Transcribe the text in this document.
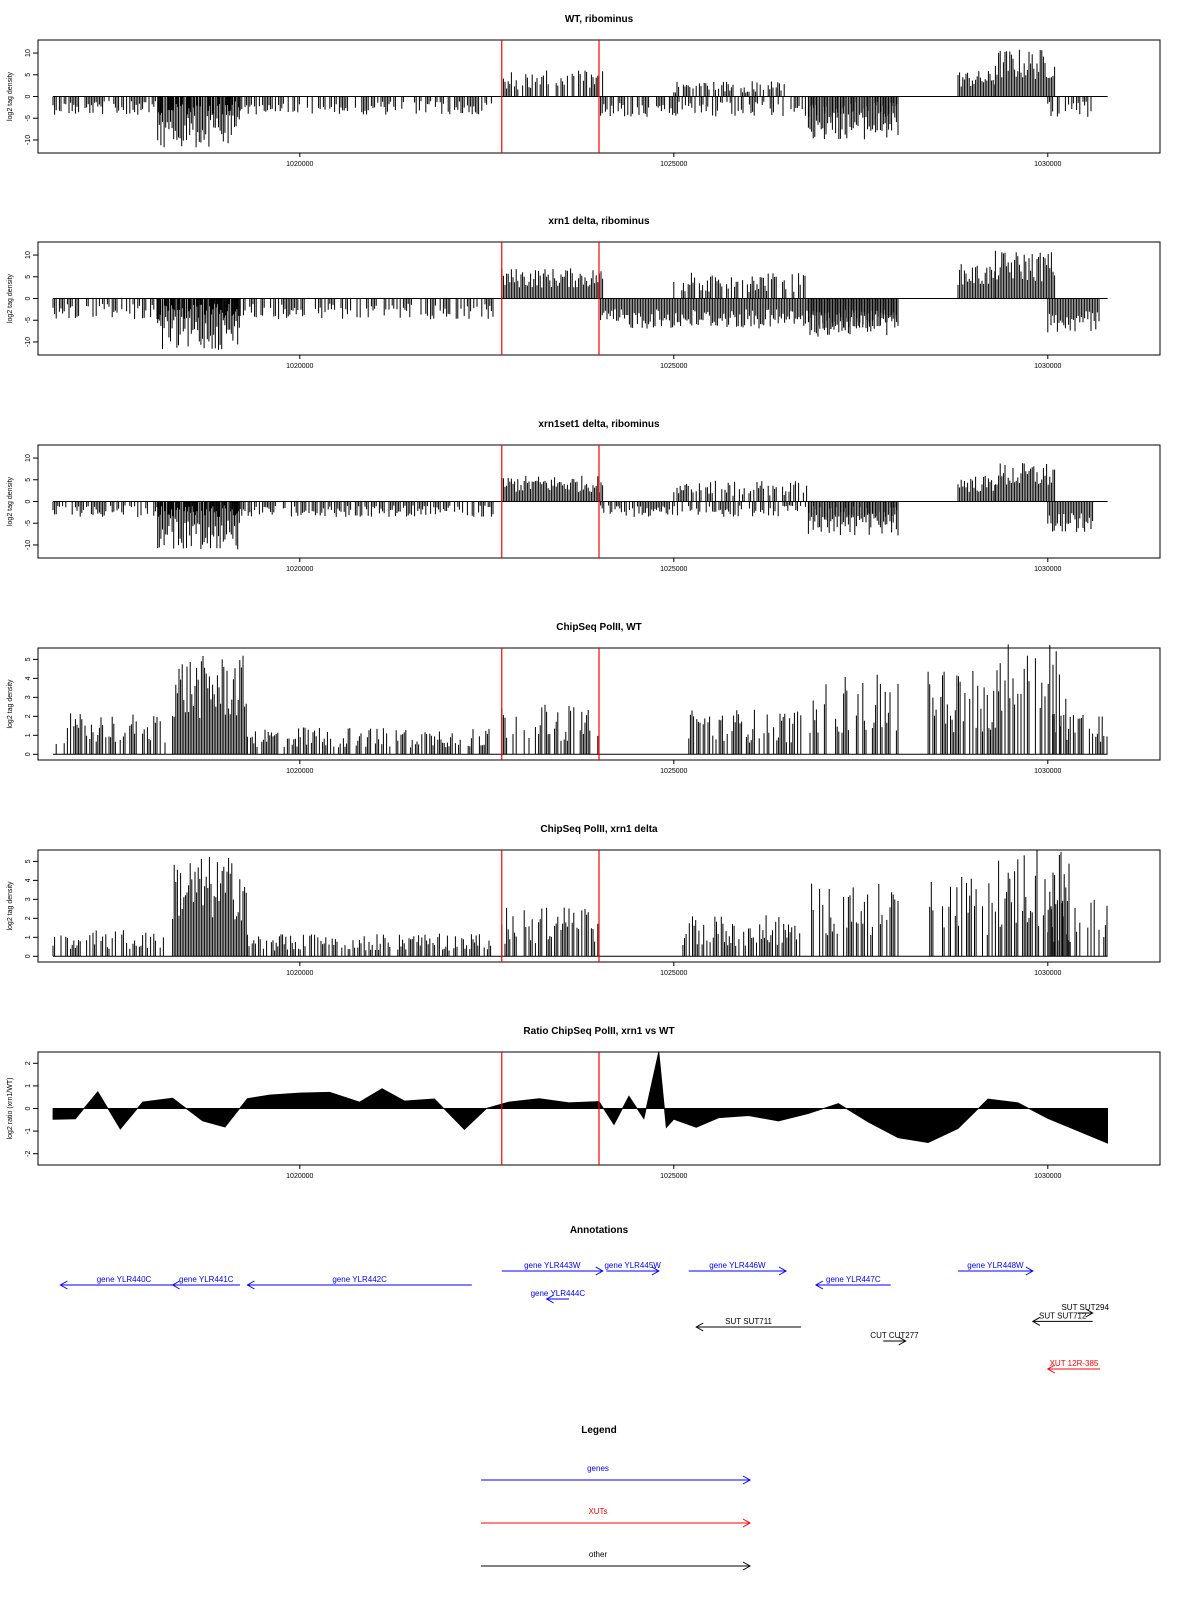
WT, ribominus
-10
-5
0
5
10
log2 tag density
1020000	1025000	1030000
xrn1 delta, ribominus
-10
-5
0
5
10
log2 tag density
1020000	1025000	1030000
xrn1set1 delta, ribominus
-10
-5
0
5
10
log2 tag density
1020000	1025000	1030000
ChipSeq PolII, WT
0
1
2
3
4
5
log2 tag density
1020000	1025000	1030000
ChipSeq PolII, xrn1 delta
0
1
2
3
4
5
log2 tag density
1020000	1025000	1030000
Ratio ChipSeq PolII, xrn1 vs WT
-2
-1
0
1
2
log2 ratio (xrn1/WT)
1020000	1025000	1030000
Annotations
gene YLR440C	gene YLR441C	gene YLR442C
gene YLR443W
gene YLR444C
gene YLR445W	gene YLR446W
gene YLR447C
gene YLR448W
SUT SUT711
CUT CUT277
SUT SUT294
SUT SUT712
XUT 12R-385
Legend
genes
XUTs
other
